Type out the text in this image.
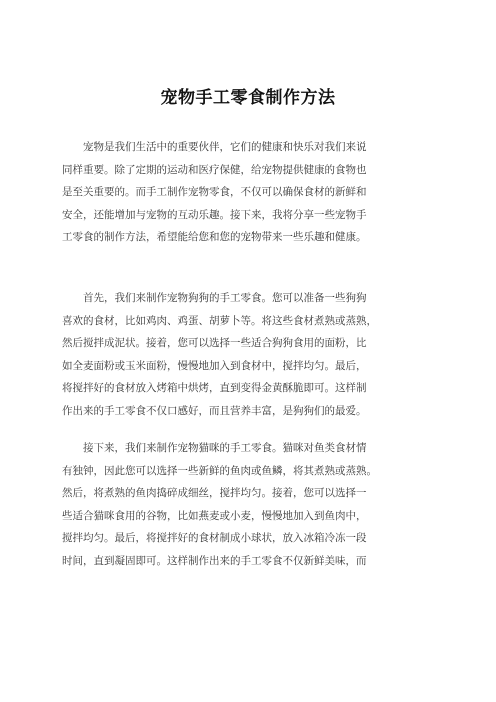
宠物手工零食制作方法

宠物是我们生活中的重要伙伴，它们的健康和快乐对我们来说
同样重要。除了定期的运动和医疗保健，给宠物提供健康的食物也
是至关重要的。而手工制作宠物零食，不仅可以确保食材的新鲜和
安全，还能增加与宠物的互动乐趣。接下来，我将分享一些宠物手
工零食的制作方法，希望能给您和您的宠物带来一些乐趣和健康。

首先，我们来制作宠物狗狗的手工零食。您可以准备一些狗狗
喜欢的食材，比如鸡肉、鸡蛋、胡萝卜等。将这些食材煮熟或蒸熟，
然后搅拌成泥状。接着，您可以选择一些适合狗狗食用的面粉，比
如全麦面粉或玉米面粉，慢慢地加入到食材中，搅拌均匀。最后，
将搅拌好的食材放入烤箱中烘烤，直到变得金黄酥脆即可。这样制
作出来的手工零食不仅口感好，而且营养丰富，是狗狗们的最爱。

接下来，我们来制作宠物猫咪的手工零食。猫咪对鱼类食材情
有独钟，因此您可以选择一些新鲜的鱼肉或鱼鳞，将其煮熟或蒸熟。
然后，将煮熟的鱼肉捣碎成细丝，搅拌均匀。接着，您可以选择一
些适合猫咪食用的谷物，比如燕麦或小麦，慢慢地加入到鱼肉中，
搅拌均匀。最后，将搅拌好的食材制成小球状，放入冰箱冷冻一段
时间，直到凝固即可。这样制作出来的手工零食不仅新鲜美味，而
